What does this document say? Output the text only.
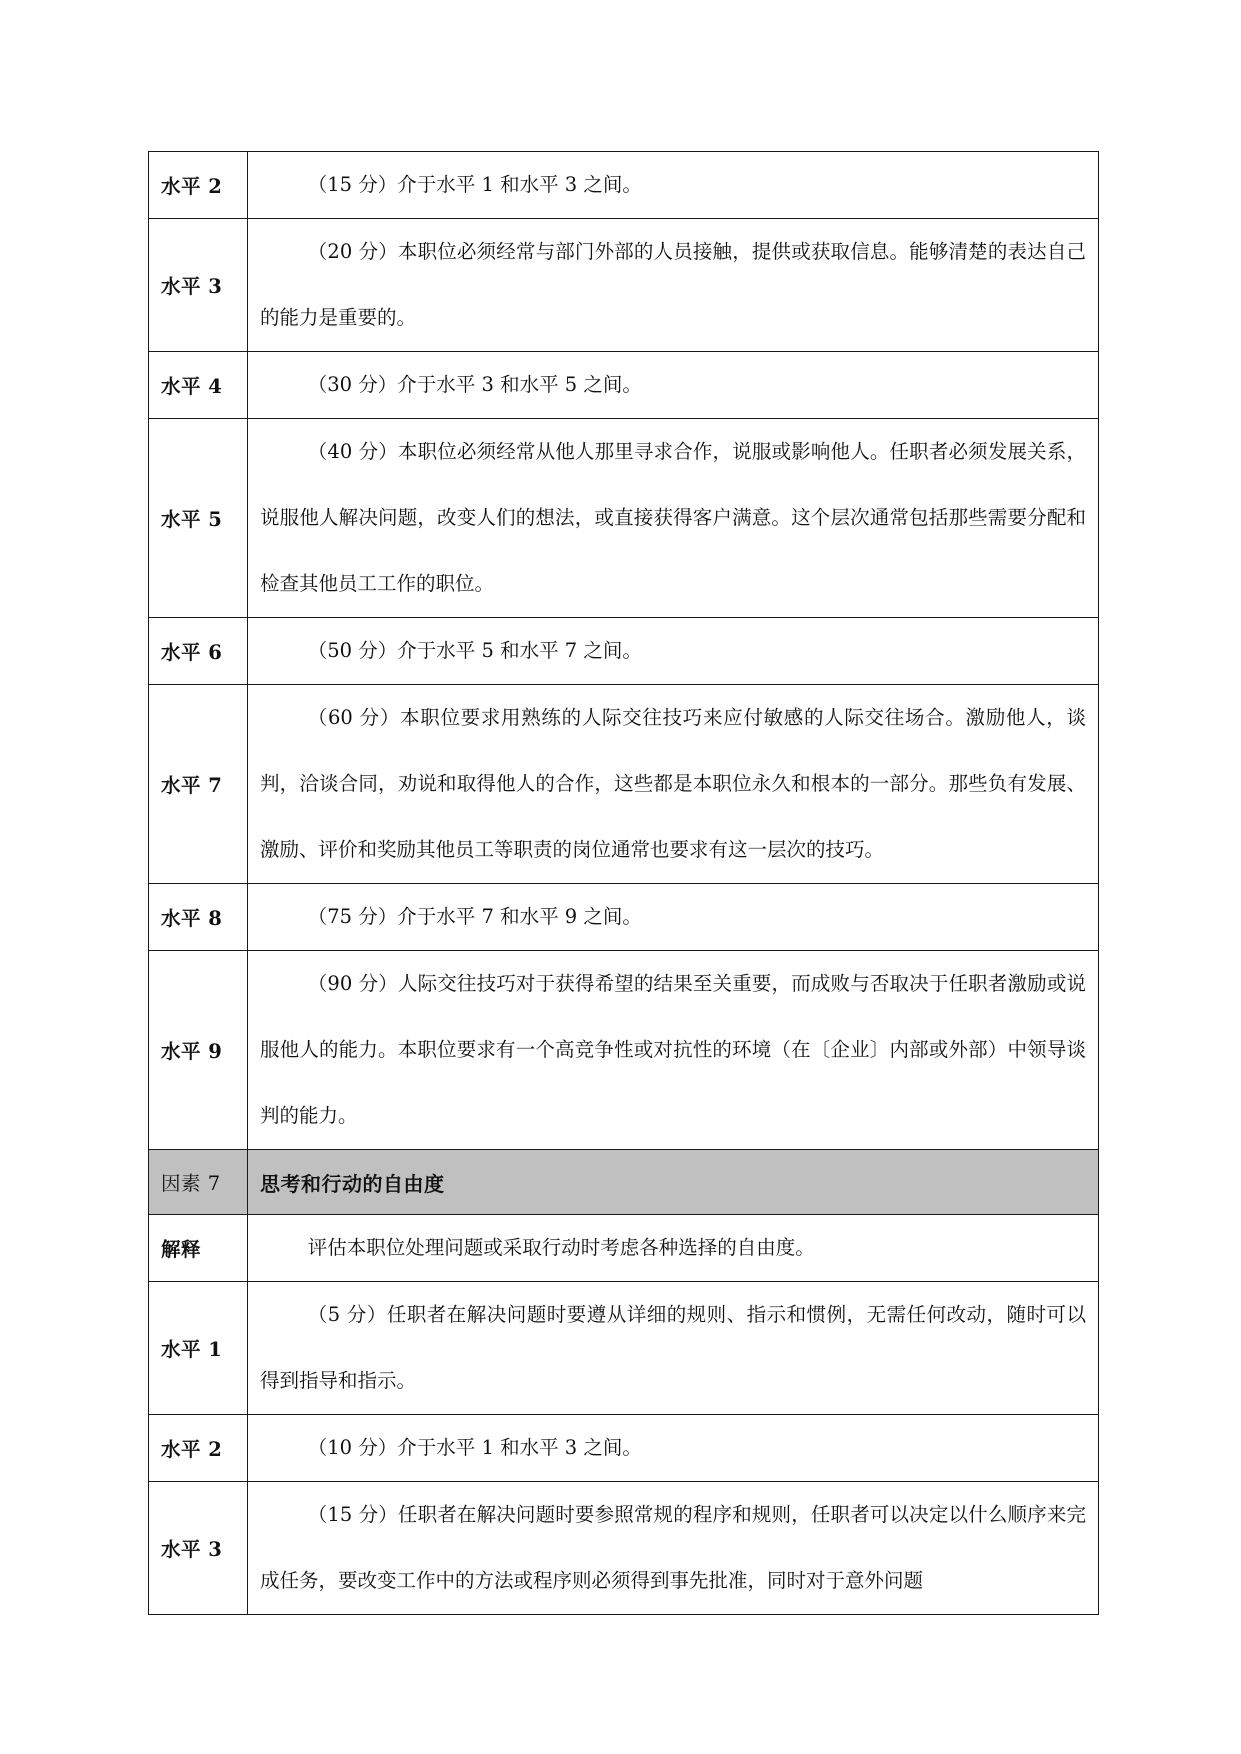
水平 2	（15 分）介于水平 1 和水平 3 之间。

水平 3	（20 分）本职位必须经常与部门外部的人员接触，提供或获取信息。能够清楚的表达自己的能力是重要的。

水平 4	（30 分）介于水平 3 和水平 5 之间。

水平 5	（40 分）本职位必须经常从他人那里寻求合作，说服或影响他人。任职者必须发展关系，说服他人解决问题，改变人们的想法，或直接获得客户满意。这个层次通常包括那些需要分配和检查其他员工工作的职位。

水平 6	（50 分）介于水平 5 和水平 7 之间。

水平 7	（60 分）本职位要求用熟练的人际交往技巧来应付敏感的人际交往场合。激励他人，谈判，洽谈合同，劝说和取得他人的合作，这些都是本职位永久和根本的一部分。那些负有发展、激励、评价和奖励其他员工等职责的岗位通常也要求有这一层次的技巧。

水平 8	（75 分）介于水平 7 和水平 9 之间。

水平 9	（90 分）人际交往技巧对于获得希望的结果至关重要，而成败与否取决于任职者激励或说服他人的能力。本职位要求有一个高竞争性或对抗性的环境（在〔企业〕内部或外部）中领导谈判的能力。

因素 7	思考和行动的自由度
解释	评估本职位处理问题或采取行动时考虑各种选择的自由度。

水平 1	（5 分）任职者在解决问题时要遵从详细的规则、指示和惯例，无需任何改动，随时可以得到指导和指示。

水平 2	（10 分）介于水平 1 和水平 3 之间。

水平 3	（15 分）任职者在解决问题时要参照常规的程序和规则，任职者可以决定以什么顺序来完成任务，要改变工作中的方法或程序则必须得到事先批准，同时对于意外问题
